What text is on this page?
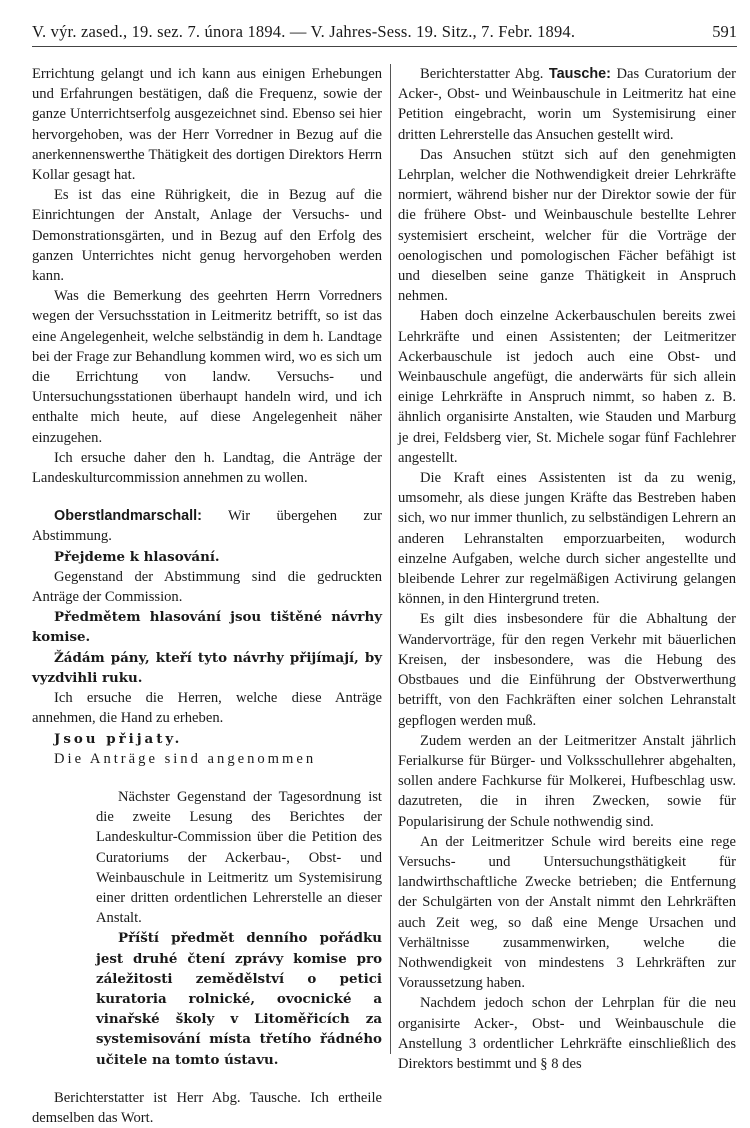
V. výr. zased., 19. sez. 7. února 1894. — V. Jahres-Sess. 19. Sitz., 7. Febr. 1894.	591

Errichtung gelangt und ich kann aus einigen Erhebungen und Erfahrungen bestätigen, daß die Frequenz, sowie der ganze Unterrichtserfolg ausgezeichnet sind. Ebenso sei hier hervorgehoben, was der Herr Vorredner in Bezug auf die anerkennenswerthe Thätigkeit des dortigen Direktors Herrn Kollar gesagt hat.

Es ist das eine Rührigkeit, die in Bezug auf die Einrichtungen der Anstalt, Anlage der Versuchs- und Demonstrationsgärten, und in Bezug auf den Erfolg des ganzen Unterrichtes nicht genug hervorgehoben werden kann.

Was die Bemerkung des geehrten Herrn Vorredners wegen der Versuchsstation in Leitmeritz betrifft, so ist das eine Angelegenheit, welche selbständig in dem h. Landtage bei der Frage zur Behandlung kommen wird, wo es sich um die Errichtung von landw. Versuchs- und Untersuchungsstationen überhaupt handeln wird, und ich enthalte mich heute, auf diese Angelegenheit näher einzugehen.

Ich ersuche daher den h. Landtag, die Anträge der Landeskulturcommission annehmen zu wollen.

Oberstlandmarschall: Wir übergehen zur Abstimmung.

Přejdeme k hlasování.

Gegenstand der Abstimmung sind die gedruckten Anträge der Commission.

Předmětem hlasování jsou tištěné návrhy komise.

Žádám pány, kteří tyto návrhy přijímají, by vyzdvihli ruku.

Ich ersuche die Herren, welche diese Anträge annehmen, die Hand zu erheben.

Jsou přijaty.

Die Anträge sind angenommen

Nächster Gegenstand der Tagesordnung ist die zweite Lesung des Berichtes der Landeskultur-Commission über die Petition des Curatoriums der Ackerbau-, Obst- und Weinbauschule in Leitmeritz um Systemisirung einer dritten ordentlichen Lehrerstelle an dieser Anstalt.

Příští předmět denního pořádku jest druhé čtení zprávy komise pro záležitosti zemědělství o petici kuratoria rolnické, ovocnické a vinařské školy v Litoměřicích za systemisování místa třetího řádného učitele na tomto ústavu.

Berichterstatter ist Herr Abg. Tausche. Ich ertheile demselben das Wort.

Berichterstatter Abg. Tausche: Das Curatorium der Acker-, Obst- und Weinbauschule in Leitmeritz hat eine Petition eingebracht, worin um Systemisirung einer dritten Lehrerstelle das Ansuchen gestellt wird.

Das Ansuchen stützt sich auf den genehmigten Lehrplan, welcher die Nothwendigkeit dreier Lehrkräfte normiert, während bisher nur der Direktor sowie der für die frühere Obst- und Weinbauschule bestellte Lehrer systemisiert erscheint, welcher für die Vorträge der oenologischen und pomologischen Fächer befähigt ist und dieselben seine ganze Thätigkeit in Anspruch nehmen.

Haben doch einzelne Ackerbauschulen bereits zwei Lehrkräfte und einen Assistenten; der Leitmeritzer Ackerbauschule ist jedoch auch eine Obst- und Weinbauschule angefügt, die anderwärts für sich allein einige Lehrkräfte in Anspruch nimmt, so haben z. B. ähnlich organisirte Anstalten, wie Stauden und Marburg je drei, Feldsberg vier, St. Michele sogar fünf Fachlehrer angestellt.

Die Kraft eines Assistenten ist da zu wenig, umsomehr, als diese jungen Kräfte das Bestreben haben sich, wo nur immer thunlich, zu selbständigen Lehrern an anderen Lehranstalten emporzuarbeiten, wodurch einzelne Aufgaben, welche durch sicher angestellte und bleibende Lehrer zur regelmäßigen Activirung gelangen können, in den Hintergrund treten.

Es gilt dies insbesondere für die Abhaltung der Wandervorträge, für den regen Verkehr mit bäuerlichen Kreisen, der insbesondere, was die Hebung des Obstbaues und die Einführung der Obstverwerthung betrifft, von den Fachkräften einer solchen Lehranstalt gepflogen werden muß.

Zudem werden an der Leitmeritzer Anstalt jährlich Ferialkurse für Bürger- und Volksschullehrer abgehalten, sollen andere Fachkurse für Molkerei, Hufbeschlag usw. dazutreten, die in ihren Zwecken, sowie für Popularisirung der Schule nothwendig sind.

An der Leitmeritzer Schule wird bereits eine rege Versuchs- und Untersuchungsthätigkeit für landwirthschaftliche Zwecke betrieben; die Entfernung der Schulgärten von der Anstalt nimmt den Lehrkräften auch Zeit weg, so daß eine Menge Ursachen und Verhältnisse zusammenwirken, welche die Nothwendigkeit von mindestens 3 Lehrkräften zur Voraussetzung haben.

Nachdem jedoch schon der Lehrplan für die neu organisirte Acker-, Obst- und Weinbauschule die Anstellung 3 ordentlicher Lehrkräfte einschließlich des Direktors bestimmt und § 8 des
